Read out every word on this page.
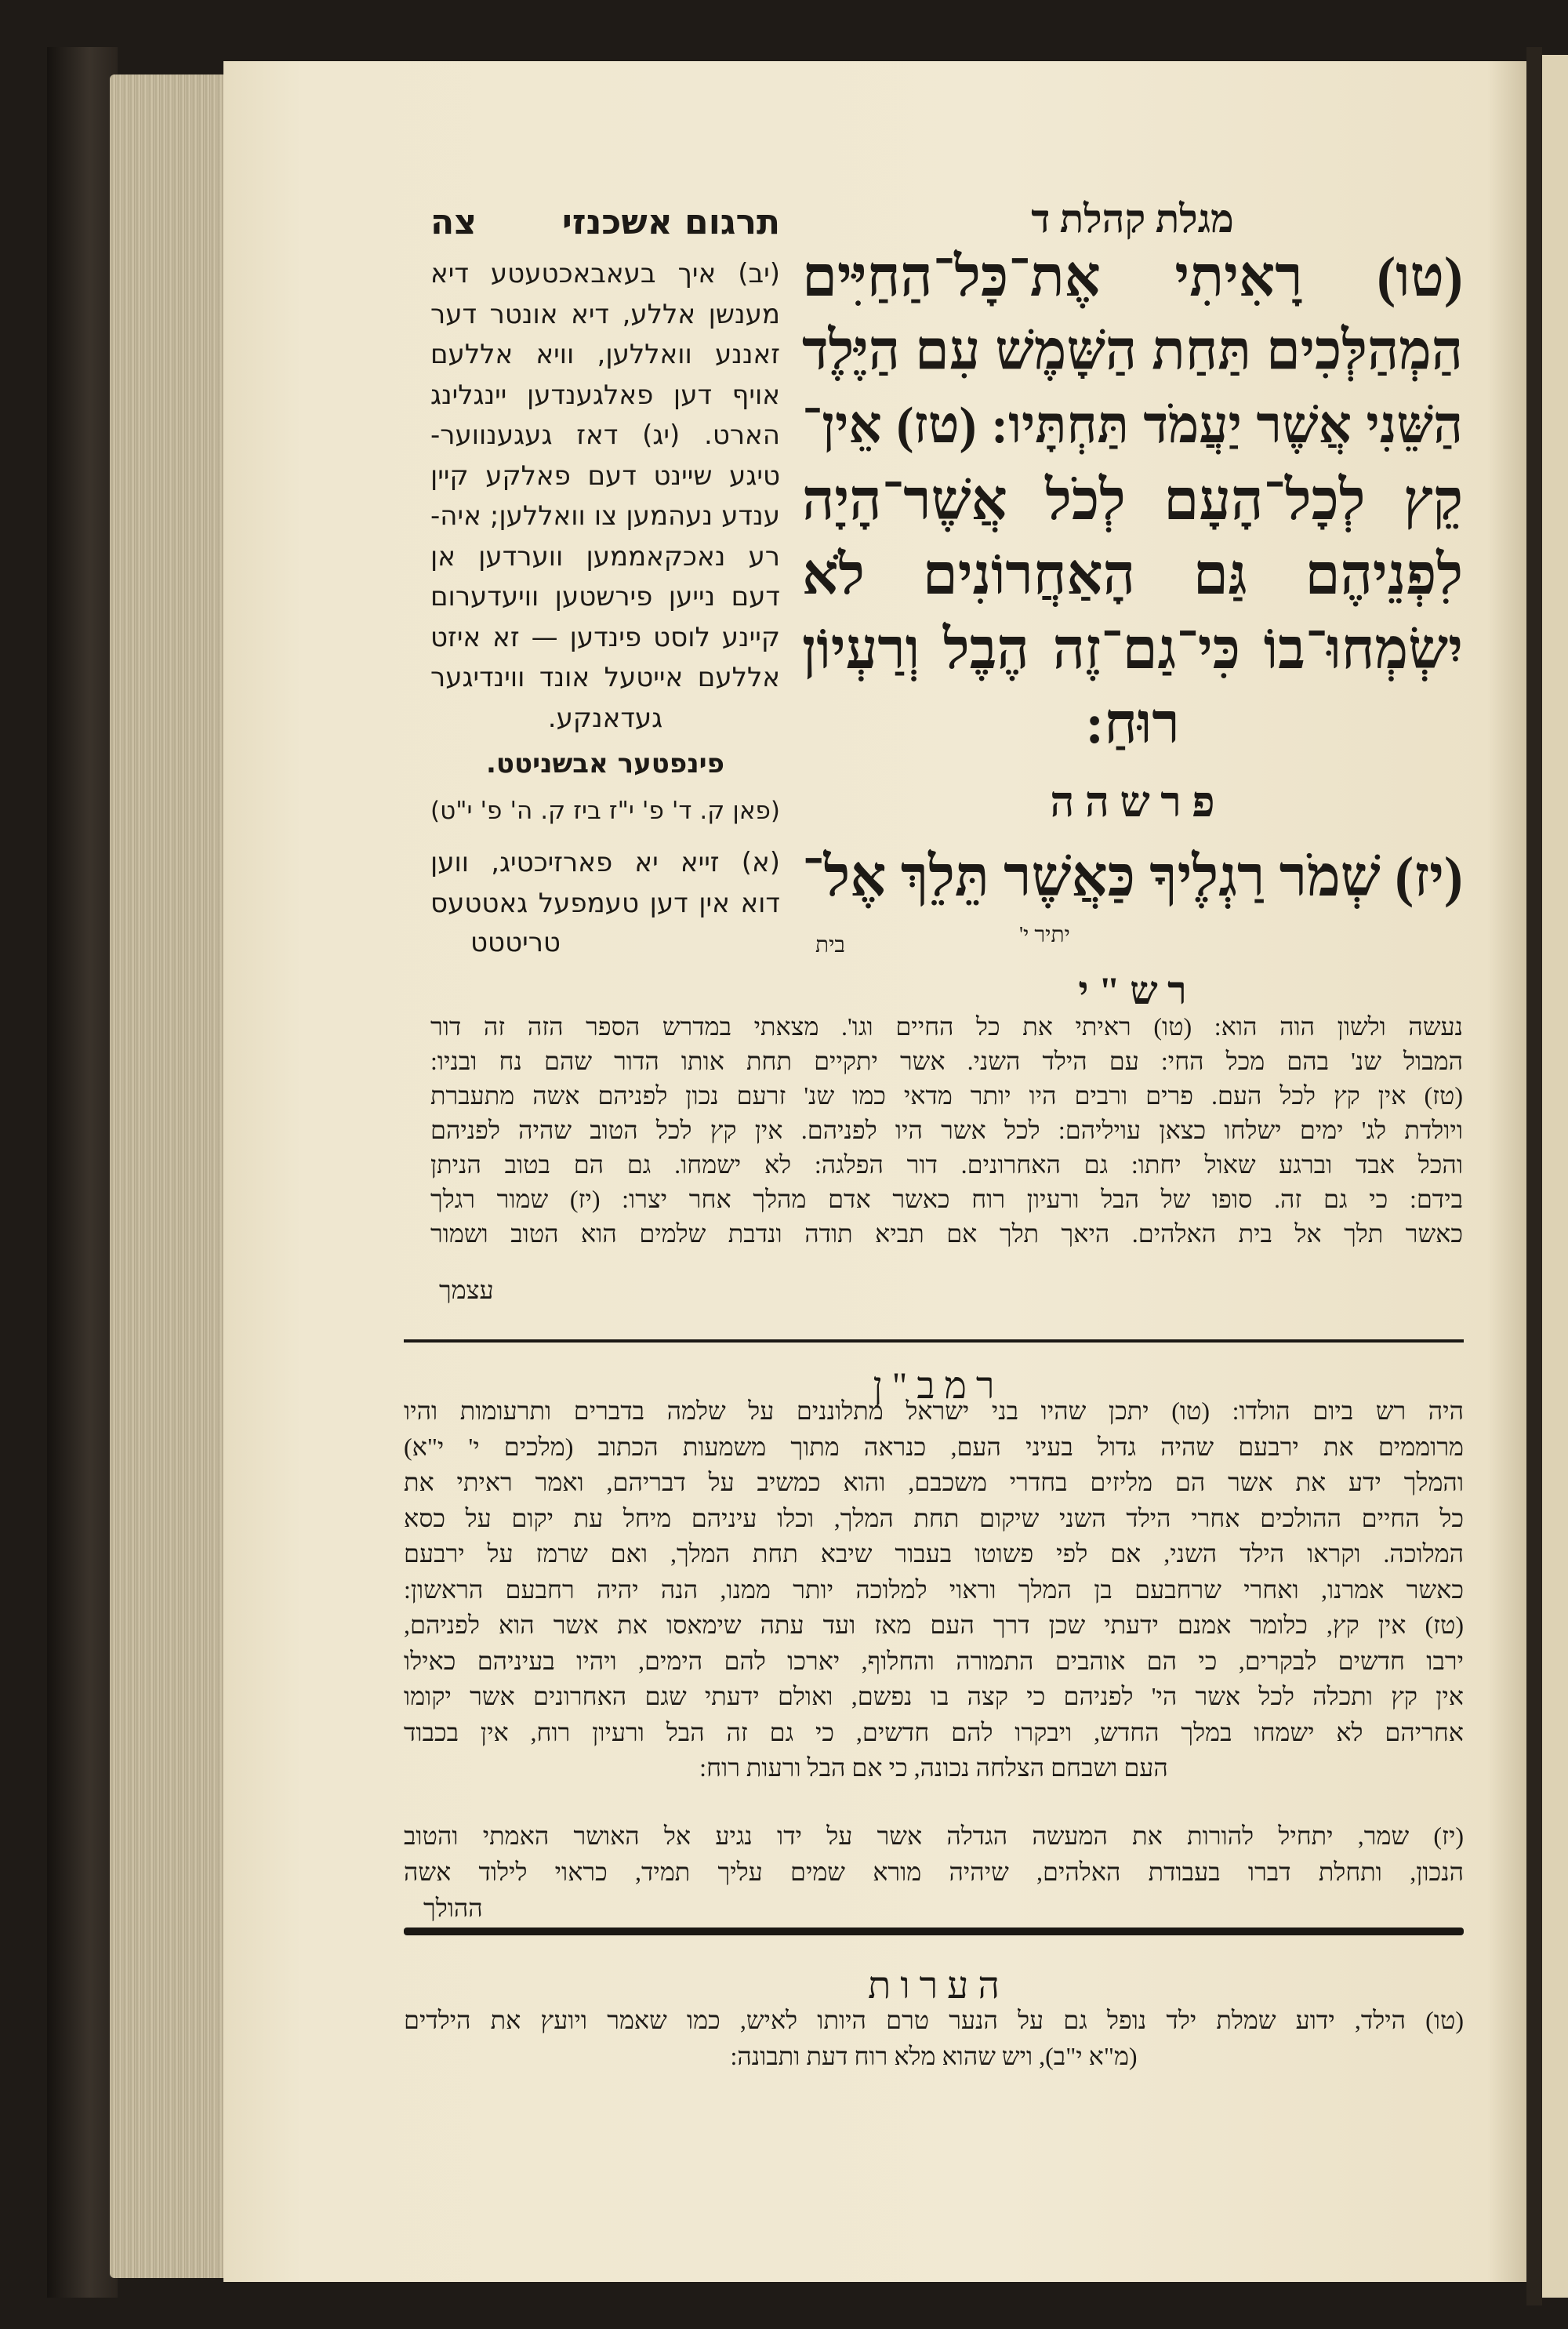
מגלת קהלת ד
תרגום אשכנזי
צה
(טו) רָאִיתִי אֶת־כָּל־הַחַיִּים
הַמְהַלְּכִים תַּחַת הַשָּׁמֶשׁ עִם הַיֶּלֶד
הַשֵּׁנִי אֲשֶׁר יַעֲמֹד תַּחְתָּיו: (טז) אֵין־
קֵץ לְכָל־הָעָם לְכֹל אֲשֶׁר־הָיָה
לִפְנֵיהֶם גַּם הָאַחֲרוֹנִים לֹא
יִשְׂמְחוּ־בוֹ כִּי־גַם־זֶה הֶבֶל וְרַעְיוֹן
רוּחַ:
פ ר ש ה ה
(יז) שְׁמֹר רַגְלֶיךָ כַּאֲשֶׁר תֵּלֵךְ אֶל־
יתיר י'
בית
ר ש " י
(יב) איך בעאבאכטעטע דיא
מענשן אללע, דיא אונטר דער
זאננע וואללען, וויא אללעם
אויף דען פאלגענדען יינגלינג
הארט. (יג) דאז געגענווער-
טיגע שיינט דעם פאלקע קיין
ענדע נעהמען צו וואללען; איה-
רע נאכקאממען ווערדען אן
דעם נייען פירשטען וויעדערום
קיינע לוסט פינדען — זא איזט
אללעם אייטעל אונד ווינדיגער
געדאנקע.
פינפטער אבשניטט.
(פאן ק. ד' פ' י"ז ביז ק. ה' פ' י"ט)
(א) זייא יא פארזיכטיג, ווען
דוא אין דען טעמפעל גאטטעס
טריטטט
נעשה ולשון הוה הוא: (טו) ראיתי את כל החיים וגו'. מצאתי במדרש הספר הזה זה דור
המבול שנ' בהם מכל החי: עם הילד השני. אשר יתקיים תחת אותו הדור שהם נח ובניו:
(טז) אין קץ לכל העם. פרים ורבים היו יותר מדאי כמו שנ' זרעם נכון לפניהם אשה מתעברת
ויולדת לג' ימים ישלחו כצאן עויליהם: לכל אשר היו לפניהם. אין קץ לכל הטוב שהיה לפניהם
והכל אבד וברגע שאול יחתו: גם האחרונים. דור הפלגה: לא ישמחו. גם הם בטוב הניתן
בידם: כי גם זה. סופו של הבל ורעיון רוח כאשר אדם מהלך אחר יצרו: (יז) שמור רגלך
כאשר תלך אל בית האלהים. היאך תלך אם תביא תודה ונדבת שלמים הוא הטוב ושמור
עצמך
ר מ ב " ן
היה רש ביום הולדו: (טו) יתכן שהיו בני ישראל מתלוננים על שלמה בדברים ותרעומות והיו
מרוממים את ירבעם שהיה גדול בעיני העם, כנראה מתוך משמעות הכתוב (מלכים י' י"א)
והמלך ידע את אשר הם מליזים בחדרי משכבם, והוא כמשיב על דבריהם, ואמר ראיתי את
כל החיים ההולכים אחרי הילד השני שיקום תחת המלך, וכלו עיניהם מיחל עת יקום על כסא
המלוכה. וקראו הילד השני, אם לפי פשוטו בעבור שיבא תחת המלך, ואם שרמז על ירבעם
כאשר אמרנו, ואחרי שרחבעם בן המלך וראוי למלוכה יותר ממנו, הנה יהיה רחבעם הראשון:
(טז) אין קץ, כלומר אמנם ידעתי שכן דרך העם מאז ועד עתה שימאסו את אשר הוא לפניהם,
ירבו חדשים לבקרים, כי הם אוהבים התמורה והחלוף, יארכו להם הימים, ויהיו בעיניהם כאילו
אין קץ ותכלה לכל אשר הי' לפניהם כי קצה בו נפשם, ואולם ידעתי שגם האחרונים אשר יקומו
אחריהם לא ישמחו במלך החדש, ויבקרו להם חדשים, כי גם זה הבל ורעיון רוח, אין בכבוד
העם ושבחם הצלחה נכונה, כי אם הבל ורעות רוח:
(יז) שמר, יתחיל להורות את המעשה הגדלה אשר על ידו נגיע אל האושר האמתי והטוב
הנכון, ותחלת דברו בעבודת האלהים, שיהיה מורא שמים עליך תמיד, כראוי לילוד אשה
ההולך
ה ע ר ו ת
(טו) הילד, ידוע שמלת ילד נופל גם על הנער טרם היותו לאיש, כמו שאמר ויועץ את הילדים
(מ"א י"ב), ויש שהוא מלא רוח דעת ותבונה:
